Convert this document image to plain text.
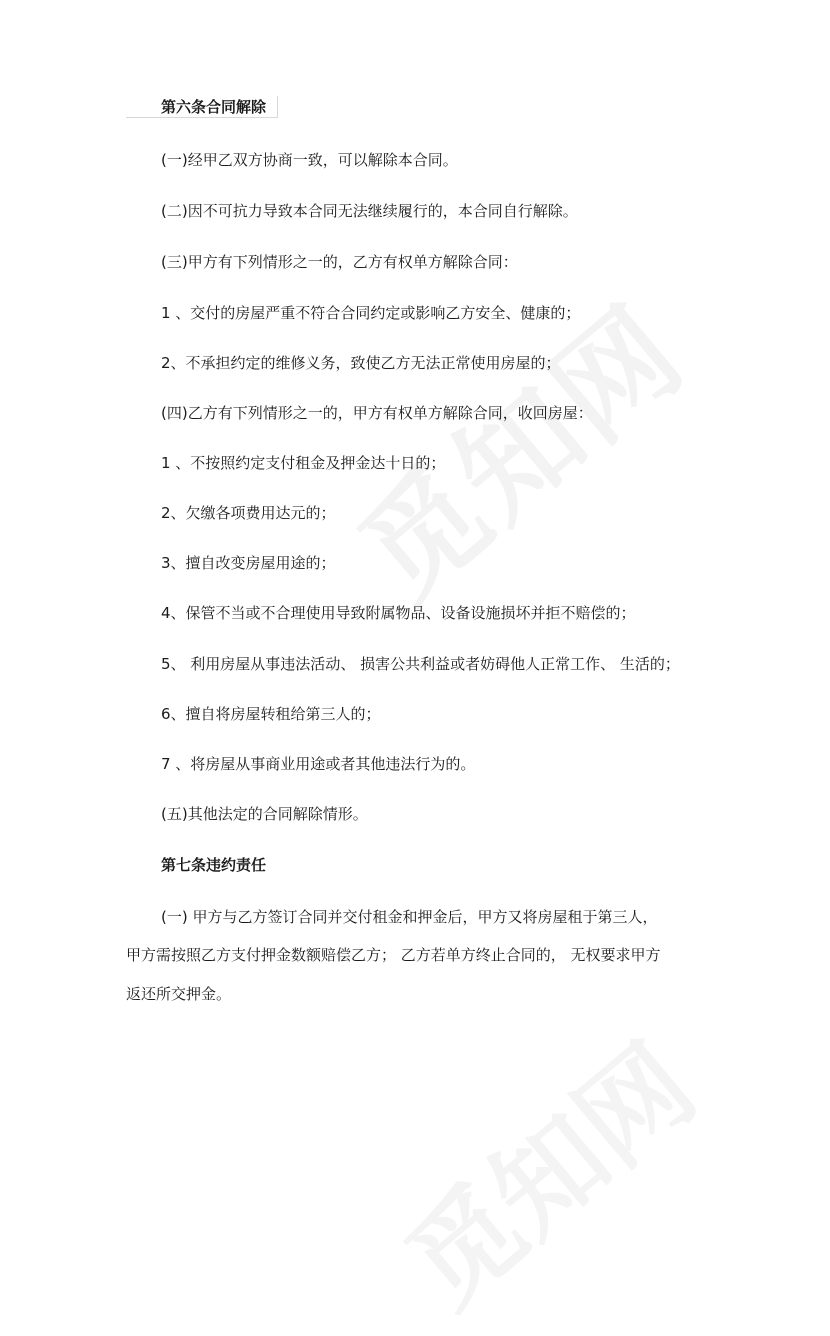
第六条合同解除
(一)经甲乙双方协商一致，可以解除本合同。
(二)因不可抗力导致本合同无法继续履行的，本合同自行解除。
(三)甲方有下列情形之一的，乙方有权单方解除合同：
1 、交付的房屋严重不符合合同约定或影响乙方安全、健康的；
2、不承担约定的维修义务，致使乙方无法正常使用房屋的；
(四)乙方有下列情形之一的，甲方有权单方解除合同，收回房屋：
1 、不按照约定支付租金及押金达十日的；
2、欠缴各项费用达元的；
3、擅自改变房屋用途的；
4、保管不当或不合理使用导致附属物品、设备设施损坏并拒不赔偿的；
5、 利用房屋从事违法活动、 损害公共利益或者妨碍他人正常工作、 生活的；
6、擅自将房屋转租给第三人的；
7 、将房屋从事商业用途或者其他违法行为的。
(五)其他法定的合同解除情形。
第七条违约责任
(一) 甲方与乙方签订合同并交付租金和押金后，甲方又将房屋租于第三人，
甲方需按照乙方支付押金数额赔偿乙方； 乙方若单方终止合同的， 无权要求甲方
返还所交押金。
